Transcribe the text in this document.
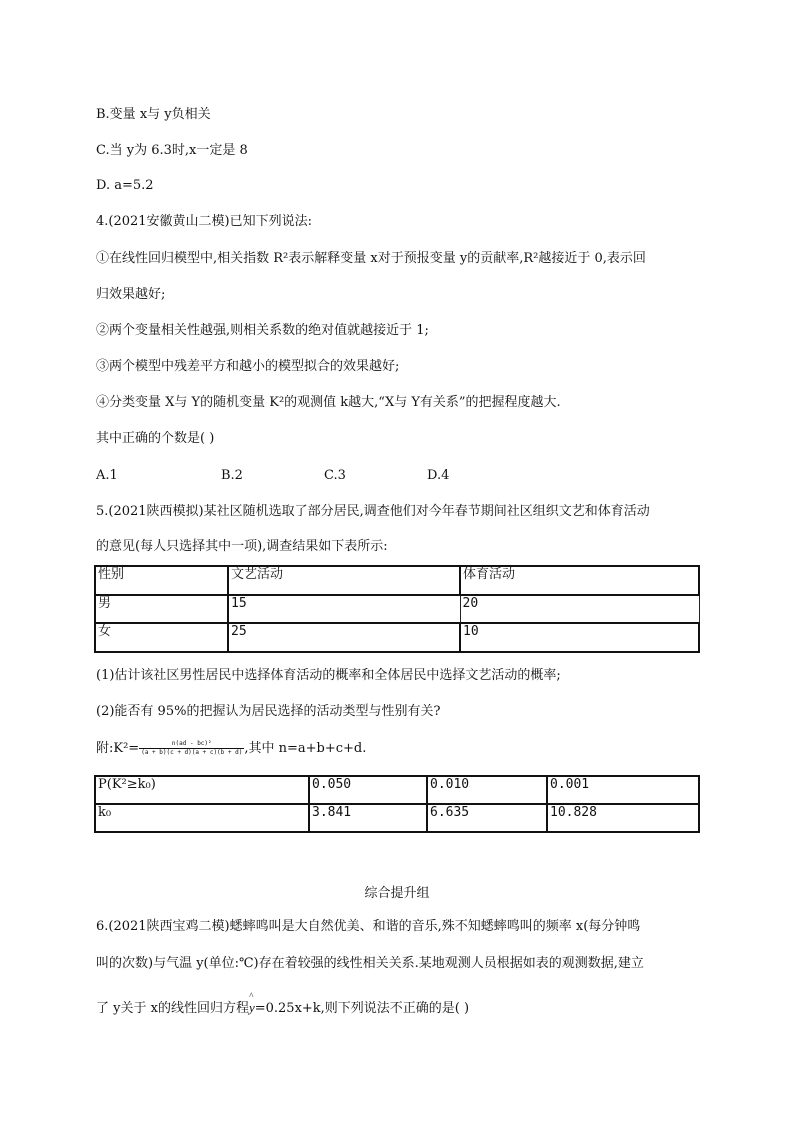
B.变量 x与 y负相关
C.当 y为 6.3时,x一定是 8
D. a=5.2
4.(2021安徽黄山二模)已知下列说法:
①在线性回归模型中,相关指数 R²表示解释变量 x对于预报变量 y的贡献率,R²越接近于 0,表示回
归效果越好;
②两个变量相关性越强,则相关系数的绝对值就越接近于 1;
③两个模型中残差平方和越小的模型拟合的效果越好;
④分类变量 X与 Y的随机变量 K²的观测值 k越大,“X与 Y有关系”的把握程度越大.
其中正确的个数是( )
A.1	B.2	C.3	D.4
5.(2021陕西模拟)某社区随机选取了部分居民,调查他们对今年春节期间社区组织文艺和体育活动
的意见(每人只选择其中一项),调查结果如下表所示:
性别	文艺活动	体育活动
男	15	20
女	25	10
(1)估计该社区男性居民中选择体育活动的概率和全体居民中选择文艺活动的概率;
(2)能否有 95%的把握认为居民选择的活动类型与性别有关?
附:K²= $\frac{\text{n(ad - bc)²}}{(a + b)(c + d)(a + c)(b + d)}$ ,其中 n=a+b+c+d.
P(K²≥k₀)	0.050	0.010	0.001
k₀	3.841	6.635	10.828
综合提升组
6.(2021陕西宝鸡二模)蟋蟀鸣叫是大自然优美、和谐的音乐,殊不知蟋蟀鸣叫的频率 x(每分钟鸣
叫的次数)与气温 y(单位:℃)存在着较强的线性相关关系.某地观测人员根据如表的观测数据,建立
了 y关于 x的线性回归方程^ y=0.25x+k,则下列说法不正确的是( )
